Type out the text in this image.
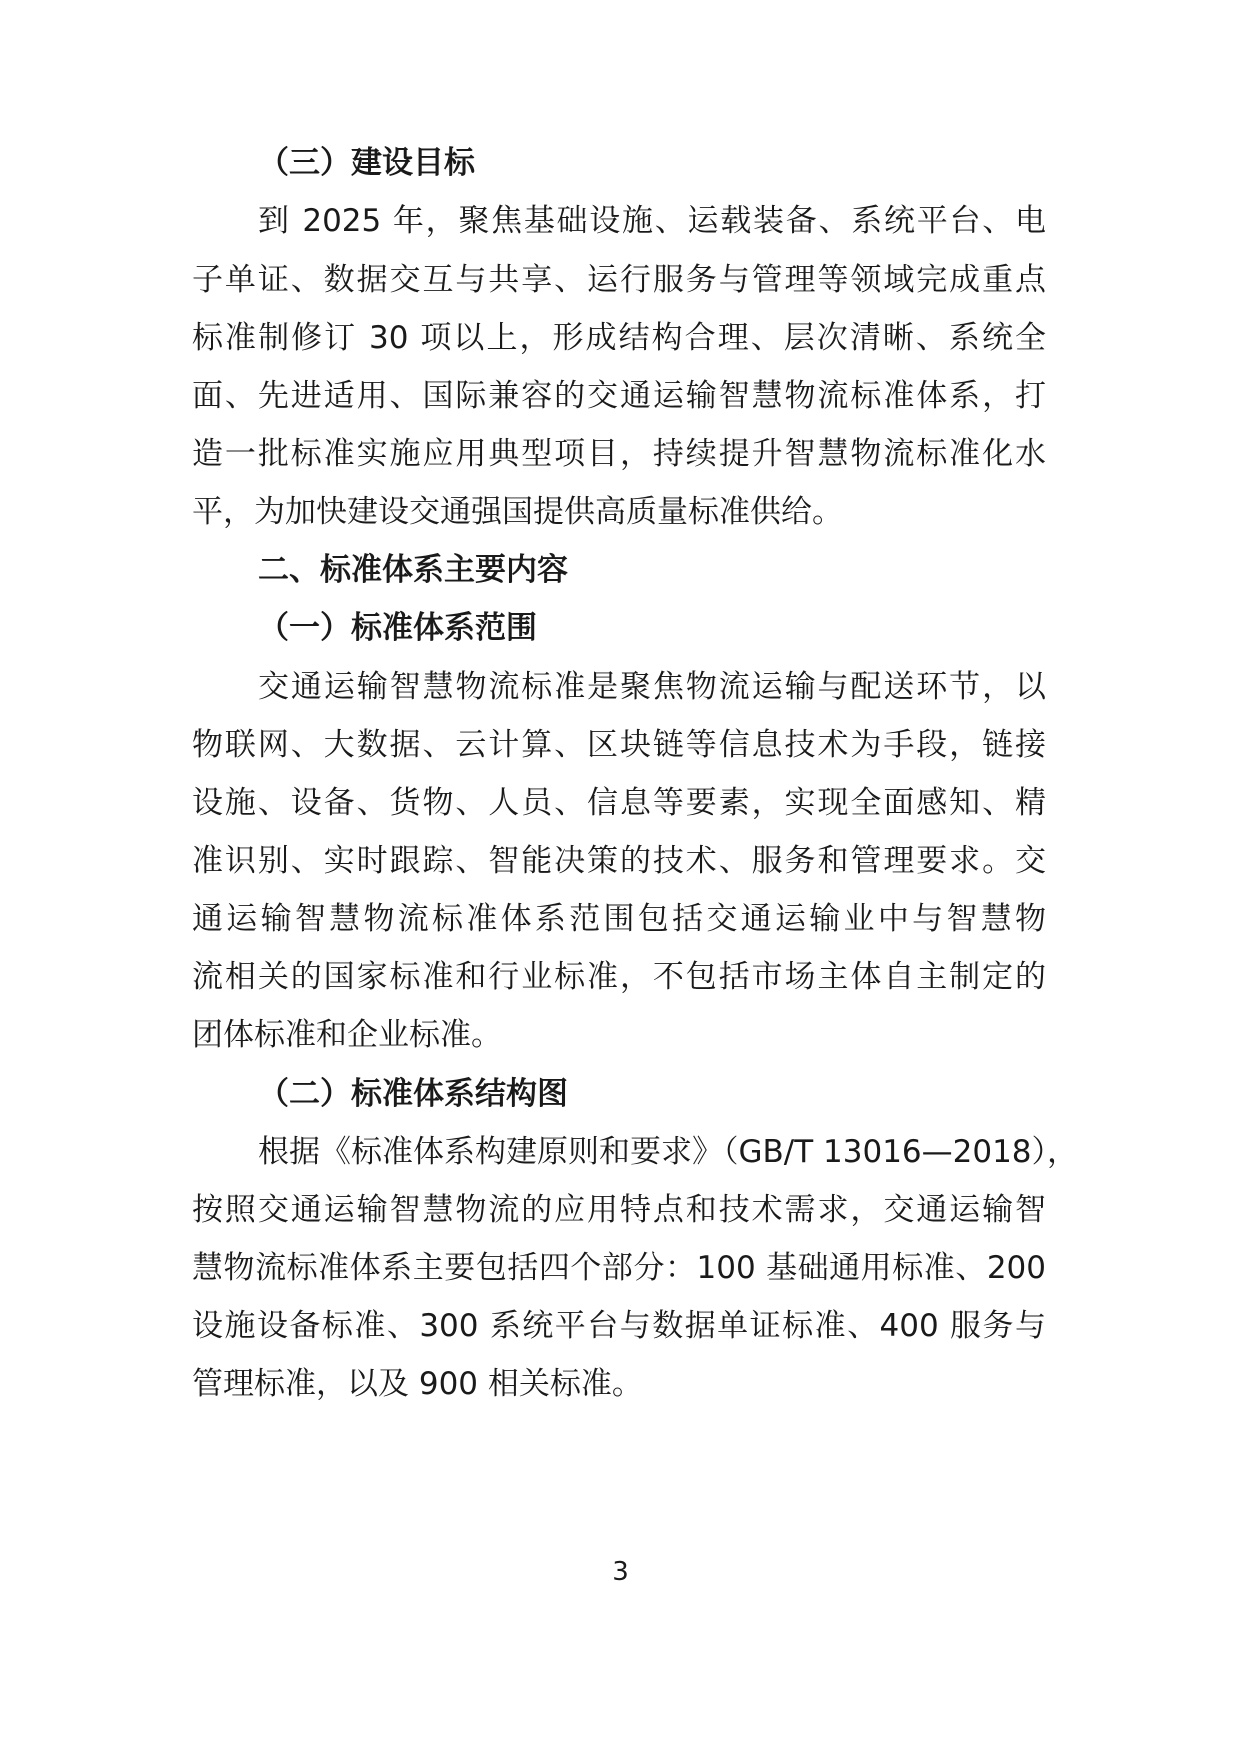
（三）建设目标
到 2025 年，聚焦基础设施、运载装备、系统平台、电
子单证、数据交互与共享、运行服务与管理等领域完成重点
标准制修订 30 项以上，形成结构合理、层次清晰、系统全
面、先进适用、国际兼容的交通运输智慧物流标准体系，打
造一批标准实施应用典型项目，持续提升智慧物流标准化水
平，为加快建设交通强国提供高质量标准供给。
二、标准体系主要内容
（一）标准体系范围
交通运输智慧物流标准是聚焦物流运输与配送环节，以
物联网、大数据、云计算、区块链等信息技术为手段，链接
设施、设备、货物、人员、信息等要素，实现全面感知、精
准识别、实时跟踪、智能决策的技术、服务和管理要求。交
通运输智慧物流标准体系范围包括交通运输业中与智慧物
流相关的国家标准和行业标准，不包括市场主体自主制定的
团体标准和企业标准。
（二）标准体系结构图
根据《标准体系构建原则和要求》（GB/T 13016—2018），
按照交通运输智慧物流的应用特点和技术需求，交通运输智
慧物流标准体系主要包括四个部分：100 基础通用标准、200
设施设备标准、300 系统平台与数据单证标准、400 服务与
管理标准，以及 900 相关标准。
3
